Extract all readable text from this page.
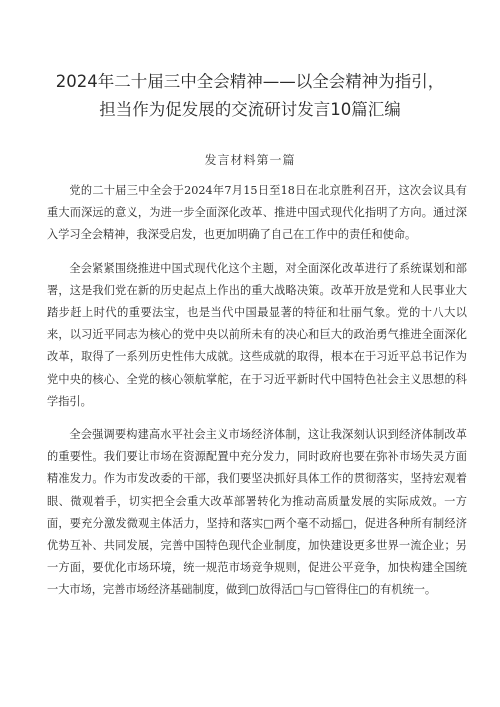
2024年二十届三中全会精神——以全会精神为指引，
担当作为促发展的交流研讨发言10篇汇编
发言材料第一篇

党的二十届三中全会于2024年7月15日至18日在北京胜利召开，这次会议具有重大而深远的意义，为进一步全面深化改革、推进中国式现代化指明了方向。通过深入学习全会精神，我深受启发，也更加明确了自己在工作中的责任和使命。

全会紧紧围绕推进中国式现代化这个主题，对全面深化改革进行了系统谋划和部署，这是我们党在新的历史起点上作出的重大战略决策。改革开放是党和人民事业大踏步赶上时代的重要法宝，也是当代中国最显著的特征和壮丽气象。党的十八大以来，以习近平同志为核心的党中央以前所未有的决心和巨大的政治勇气推进全面深化改革，取得了一系列历史性伟大成就。这些成就的取得，根本在于习近平总书记作为党中央的核心、全党的核心领航掌舵，在于习近平新时代中国特色社会主义思想的科学指引。

全会强调要构建高水平社会主义市场经济体制，这让我深刻认识到经济体制改革的重要性。我们要让市场在资源配置中充分发力，同时政府也要在弥补市场失灵方面精准发力。作为市发改委的干部，我们要坚决抓好具体工作的贯彻落实，坚持宏观着眼、微观着手，切实把全会重大改革部署转化为推动高质量发展的实际成效。一方面，要充分激发微观主体活力，坚持和落实□两个毫不动摇□，促进各种所有制经济优势互补、共同发展，完善中国特色现代企业制度，加快建设更多世界一流企业；另一方面，要优化市场环境，统一规范市场竞争规则，促进公平竞争，加快构建全国统一大市场，完善市场经济基础制度，做到□放得活□与□管得住□的有机统一。
